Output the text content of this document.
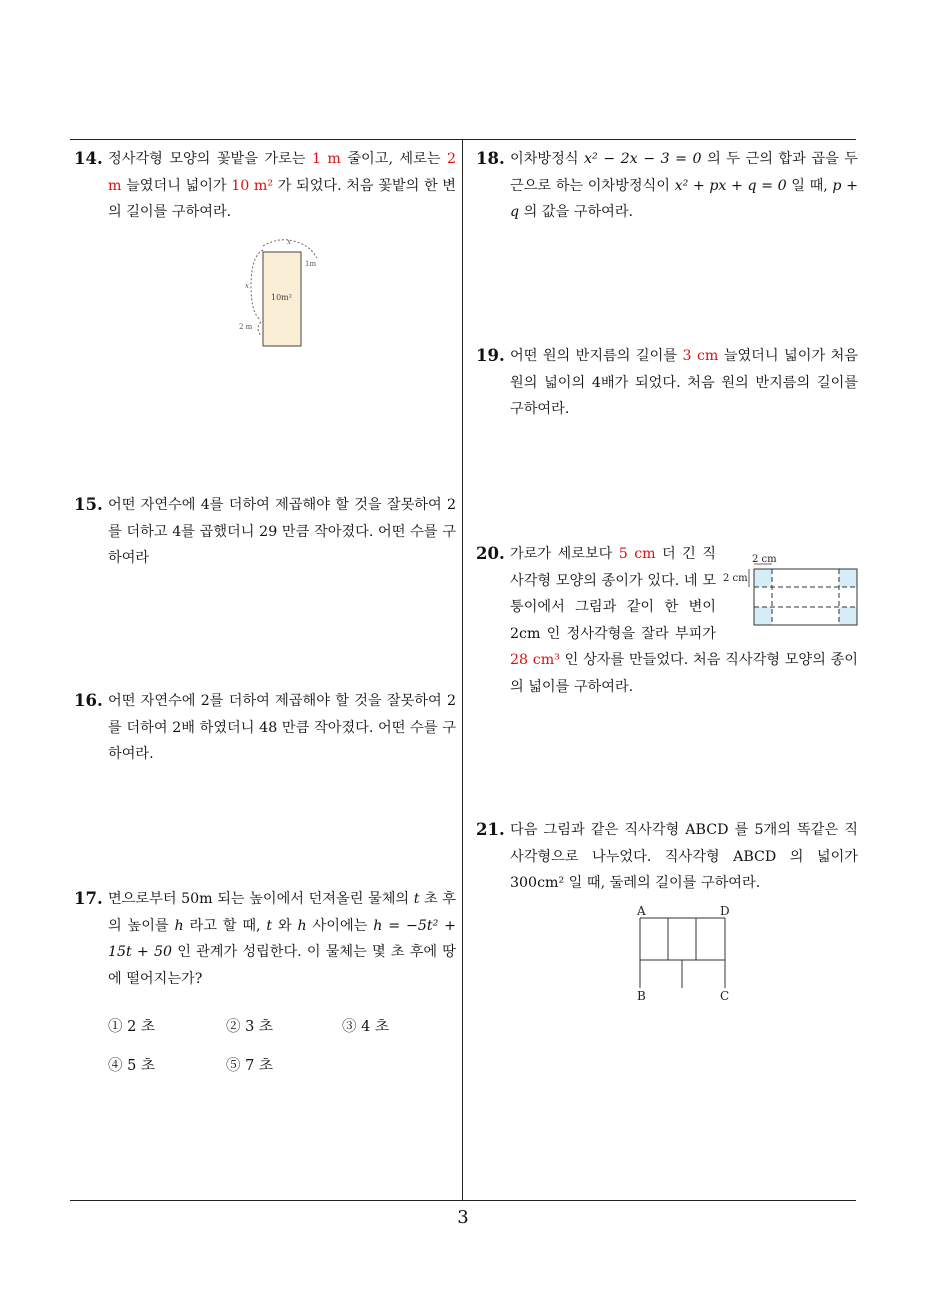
14. 정사각형 모양의 꽃밭을 가로는 1 m 줄이고, 세로는 2 m 늘였더니 넓이가 10 m² 가 되었다. 처음 꽃밭의 한 변의 길이를 구하여라.
x
1m
x
2 m
10m²
15. 어떤 자연수에 4를 더하여 제곱해야 할 것을 잘못하여 2를 더하고 4를 곱했더니 29 만큼 작아졌다. 어떤 수를 구하여라
16. 어떤 자연수에 2를 더하여 제곱해야 할 것을 잘못하여 2를 더하여 2배 하였더니 48 만큼 작아졌다. 어떤 수를 구하여라.
17. 면으로부터 50m 되는 높이에서 던져올린 물체의 t 초 후의 높이를 h 라고 할 때, t 와 h 사이에는 h = −5t² + 15t + 50 인 관계가 성립한다. 이 물체는 몇 초 후에 땅에 떨어지는가?
① 2 초	② 3 초	③ 4 초
④ 5 초	⑤ 7 초
18. 이차방정식 x² − 2x − 3 = 0 의 두 근의 합과 곱을 두 근으로 하는 이차방정식이 x² + px + q = 0 일 때, p + q 의 값을 구하여라.
19. 어떤 원의 반지름의 길이를 3 cm 늘였더니 넓이가 처음 원의 넓이의 4배가 되었다. 처음 원의 반지름의 길이를 구하여라.
20. 가로가 세로보다 5 cm 더 긴 직사각형 모양의 종이가 있다. 네 모퉁이에서 그림과 같이 한 변이 2cm 인 정사각형을 잘라 부피가 28 cm³ 인 상자를 만들었다. 처음 직사각형 모양의 종이의 넓이를 구하여라.
2 cm
2 cm
21. 다음 그림과 같은 직사각형 ABCD 를 5개의 똑같은 직사각형으로 나누었다. 직사각형 ABCD 의 넓이가 300cm² 일 때, 둘레의 길이를 구하여라.
A	D
B	C
3
